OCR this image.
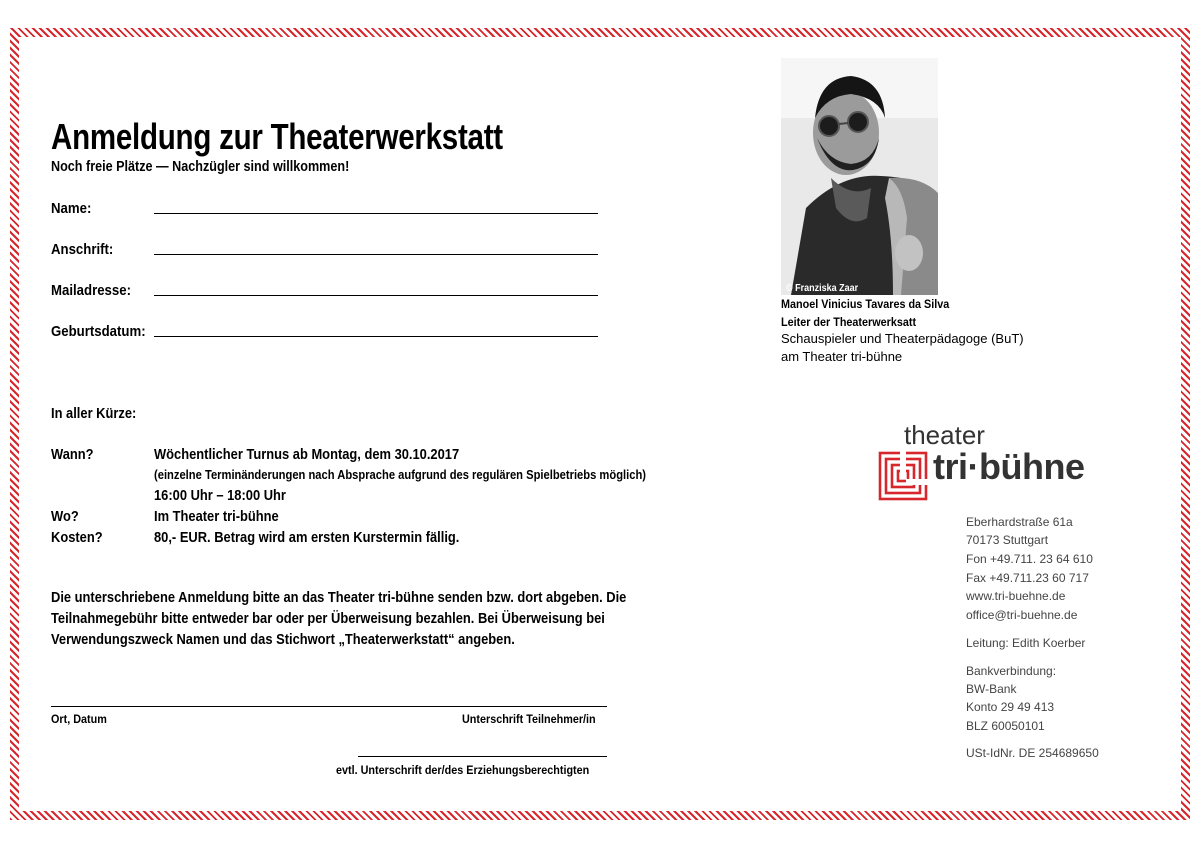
Anmeldung zur Theaterwerkstatt
Noch freie Plätze — Nachzügler sind willkommen!
Name:
Anschrift:
Mailadresse:
Geburtsdatum:
In aller Kürze:
Wann?	Wöchentlicher Turnus ab Montag, dem 30.10.2017
(einzelne Terminänderungen nach Absprache aufgrund des regulären Spielbetriebs möglich)
16:00 Uhr – 18:00 Uhr
Wo?	Im Theater tri-bühne
Kosten?	80,- EUR. Betrag wird am ersten Kurstermin fällig.
Die unterschriebene Anmeldung bitte an das Theater tri-bühne senden bzw. dort abgeben. Die
Teilnahmegebühr bitte entweder bar oder per Überweisung bezahlen. Bei Überweisung bei
Verwendungszweck Namen und das Stichwort „Theaterwerkstatt“ angeben.
Ort, Datum	Unterschrift Teilnehmer/in
evtl. Unterschrift der/des Erziehungsberechtigten
© Franziska Zaar
Manoel Vinicius Tavares da Silva
Leiter der Theaterwerksatt
Schauspieler und Theaterpädagoge (BuT)
am Theater tri-bühne
theater
tri·bühne
Eberhardstraße 61a
70173 Stuttgart
Fon +49.711. 23 64 610
Fax +49.711.23 60 717
www.tri-buehne.de
office@tri-buehne.de
Leitung: Edith Koerber
Bankverbindung:
BW-Bank
Konto 29 49 413
BLZ 60050101
USt-IdNr. DE 254689650
